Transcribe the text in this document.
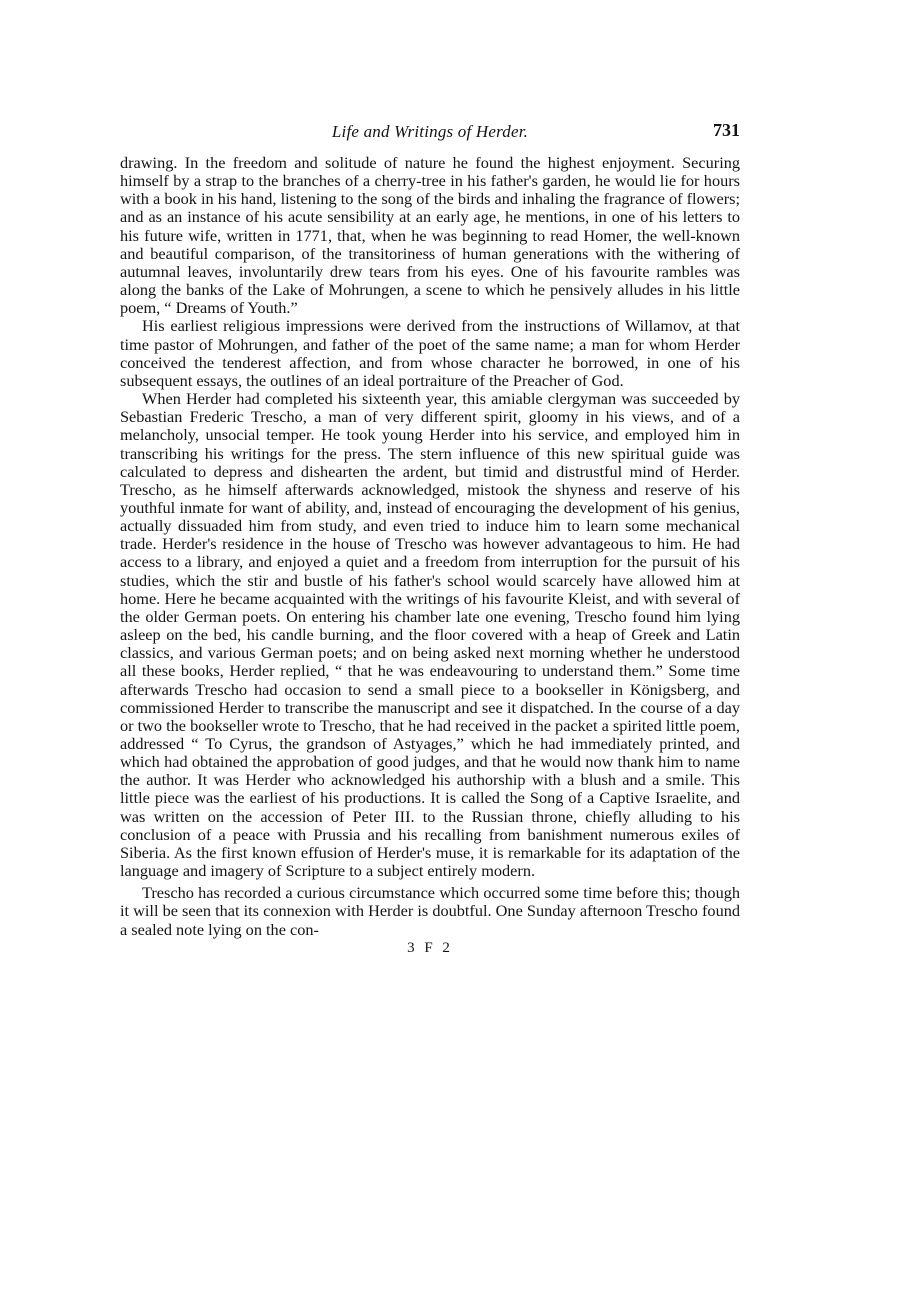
Life and Writings of Herder.	731

drawing. In the freedom and solitude of nature he found the highest enjoyment. Securing himself by a strap to the branches of a cherry-tree in his father's garden, he would lie for hours with a book in his hand, listening to the song of the birds and inhaling the fragrance of flowers; and as an instance of his acute sensibility at an early age, he mentions, in one of his letters to his future wife, written in 1771, that, when he was beginning to read Homer, the well-known and beautiful comparison, of the transitoriness of human generations with the withering of autumnal leaves, involuntarily drew tears from his eyes. One of his favourite rambles was along the banks of the Lake of Mohrungen, a scene to which he pensively alludes in his little poem, “ Dreams of Youth.”

His earliest religious impressions were derived from the instructions of Willamov, at that time pastor of Mohrungen, and father of the poet of the same name; a man for whom Herder conceived the tenderest affection, and from whose character he borrowed, in one of his subsequent essays, the outlines of an ideal portraiture of the Preacher of God.

When Herder had completed his sixteenth year, this amiable clergyman was succeeded by Sebastian Frederic Trescho, a man of very different spirit, gloomy in his views, and of a melancholy, unsocial temper. He took young Herder into his service, and employed him in transcribing his writings for the press. The stern influence of this new spiritual guide was calculated to depress and dishearten the ardent, but timid and distrustful mind of Herder. Trescho, as he himself afterwards acknowledged, mistook the shyness and reserve of his youthful inmate for want of ability, and, instead of encouraging the development of his genius, actually dissuaded him from study, and even tried to induce him to learn some mechanical trade. Herder's residence in the house of Trescho was however advantageous to him. He had access to a library, and enjoyed a quiet and a freedom from interruption for the pursuit of his studies, which the stir and bustle of his father's school would scarcely have allowed him at home. Here he became acquainted with the writings of his favourite Kleist, and with several of the older German poets. On entering his chamber late one evening, Trescho found him lying asleep on the bed, his candle burning, and the floor covered with a heap of Greek and Latin classics, and various German poets; and on being asked next morning whether he understood all these books, Herder replied, “ that he was endeavouring to understand them.” Some time afterwards Trescho had occasion to send a small piece to a bookseller in Königsberg, and commissioned Herder to transcribe the manuscript and see it dispatched. In the course of a day or two the bookseller wrote to Trescho, that he had received in the packet a spirited little poem, addressed “ To Cyrus, the grandson of Astyages,” which he had immediately printed, and which had obtained the approbation of good judges, and that he would now thank him to name the author. It was Herder who acknowledged his authorship with a blush and a smile. This little piece was the earliest of his productions. It is called the Song of a Captive Israelite, and was written on the accession of Peter III. to the Russian throne, chiefly alluding to his conclusion of a peace with Prussia and his recalling from banishment numerous exiles of Siberia. As the first known effusion of Herder's muse, it is remarkable for its adaptation of the language and imagery of Scripture to a subject entirely modern.

Trescho has recorded a curious circumstance which occurred some time before this; though it will be seen that its connexion with Herder is doubtful. One Sunday afternoon Trescho found a sealed note lying on the con-

3 F 2
